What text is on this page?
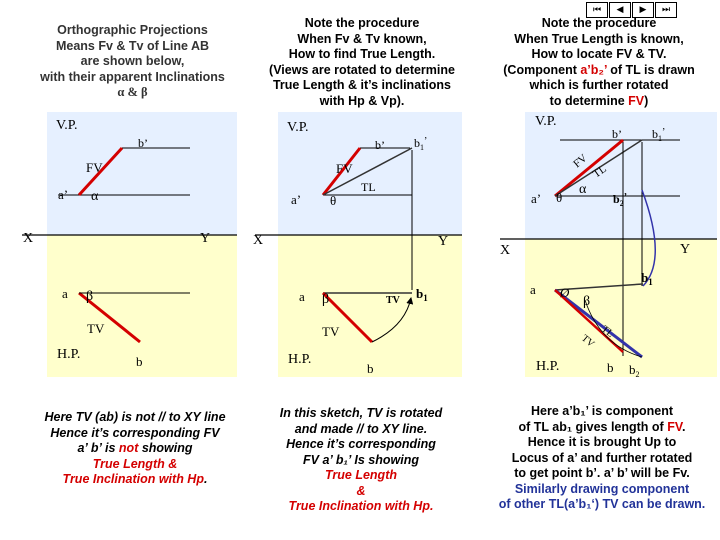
⏮	◀	▶	⏭
Orthographic Projections
Means Fv & Tv of Line AB
are shown below,
with their apparent Inclinations
α & β
Note the procedure
When Fv & Tv known,
How to find True Length.
(Views are rotated to determine
True Length & it’s inclinations
with Hp & Vp).
Note the procedure
When True Length is known,
How to locate FV & TV.
(Component a’b₂’ of TL is drawn
which is further rotated
to determine FV)
V.P.
b’
FV
a’ α
X	Y
a β
TV
H.P.	b
V.P.
b’ $b_1^’$
FV
TL
a’ θ
X	Y
a β	TV $b_1$
TV
H.P.
b
V.P.
b’	$b_1^’$
FV
TL
a’ θ
α
$b_2^’$
X	Y
a Ø
β
$b_1$
TL
TV
H.P.	b $b_2$
Here TV (ab) is not // to XY line
Hence it’s corresponding FV
a’ b’ is not showing
True Length &
True Inclination with Hp.
In this sketch, TV is rotated
and made // to XY line.
Hence it’s corresponding
FV a’ b₁’ Is showing
True Length
&
True Inclination with Hp.
Here a’b₁’ is component
of TL ab₁ gives length of FV.
Hence it is brought Up to
Locus of a’ and further rotated
to get point b’. a’ b’ will be Fv.
Similarly drawing component
of other TL(a’b₁‘) TV can be drawn.
